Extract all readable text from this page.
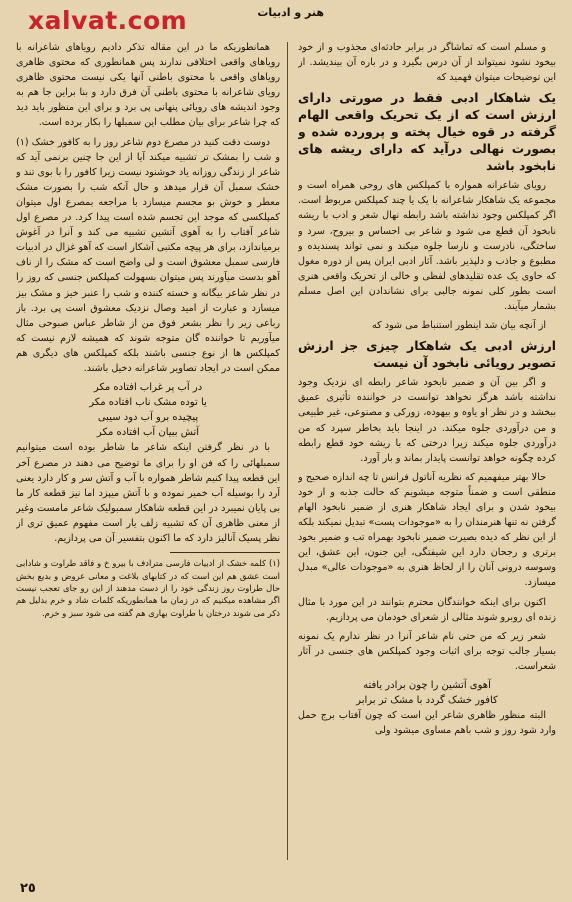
xalvat.com	هنر و ادبیات

و مسلم است که تماشاگر در برابر حادثه‌ای مجذوب و از خود بیخود نشود نمیتواند از آن درس بگیرد و در باره آن بیندیشد. از این توضیحات میتوان فهمید که

یک شاهکار ادبی فقط در صورتی دارای ارزش است که از یک تحریک واقعی الهام گرفته در قوه خیال پخته و پرورده شده و بصورت نهالی درآید که دارای ریشه های نابخود باشد

رویای شاعرانه همواره با کمپلکس های روحی همراه است و مجموعه یک شاهکار شاعرانه با یک یا چند کمپلکس مربوط است. اگر کمپلکس وجود نداشته باشد رابطه نهال شعر و ادب با ریشه نابخود آن قطع می شود و شاعر بی احساس و بیروح، سرد و ساختگی، نادرست و نارسا جلوه میکند و نمی تواند پسندیده و مطبوع و جاذب و دلپذیر باشد. آثار ادبی ایران پس از دوره مغول که حاوی یک عده تقلیدهای لفظی و خالی از تحریک واقعی هنری است بطور کلی نمونه جالبی برای نشاندادن این اصل مسلم بشمار میآیند.

از آنچه بیان شد اینطور استنباط می شود که

ارزش ادبی یک شاهکار چیزی جز ارزش تصویر رویائی نابخود آن نیست

و اگر بین آن و ضمیر نابخود شاعر رابطه ای نزدیک وجود نداشته باشد هرگز نخواهد توانست در خواننده تأثیری عمیق ببخشد و در نظر او یاوه و بیهوده، زورکی و مصنوعی، غیر طبیعی و من درآوردی جلوه میکند. در اینجا باید بخاطر سپرد که من درآوردی جلوه میکند زیرا درختی که با ریشه خود قطع رابطه کرده چگونه خواهد توانست پایدار بماند و بار آورد.

حالا بهتر میفهمیم که نظریه آناتول فرانس تا چه اندازه صحیح و منطقی است و ضمناً متوجه میشویم که حالت جذبه و از خود بیخود شدن و برای ایجاد شاهکار هنری از ضمیر نابخود الهام گرفتن نه تنها هنرمندان را به «موجودات پست» تبدیل نمیکند بلکه از این نظر که دیده بصیرت ضمیر نابخود بهمراه تب و ضمیر بخود برتری و رجحان دارد این شیفتگی، این جنون، این عشق، این وسوسه درونی آنان را از لحاظ هنری به «موجودات عالی» مبدل میسازد.

اکنون برای اینکه خوانندگان محترم بتوانند در این مورد با مثال زنده ای روبرو شوند مثالی از شعرای خودمان می پردازیم.

شعر زیر که من حتی نام شاعر آنرا در نظر ندارم یک نمونه بسیار جالب توجه برای اثبات وجود کمپلکس های جنسی در آثار شعراست.

آهوی آتشین را چون برادر یافته

کافور خشک گردد با مشک تر برابر

البته منظور ظاهری شاعر این است که چون آفتاب برج حمل وارد شود روز و شب باهم مساوی میشود ولی

همانطوریکه ما در این مقاله تذکر دادیم رویاهای شاعرانه با رویاهای واقعی اختلافی ندارند پس همانطوری که محتوی ظاهری رویاهای واقعی با محتوی باطنی آنها یکی نیست محتوی ظاهری رویای شاعرانه با محتوی باطنی آن فرق دارد و بنا براین جا هم به وجود اندیشه های رویائی پنهانی پی برد و برای این منظور باید دید که چرا شاعر برای بیان مطلب این سمبلها را بکار برده است.

دوست دقت کنید در مصرع دوم شاعر روز را به کافور خشک (١) و شب را بمشک تر تشبیه میکند آیا از این جا چنین برنمی آید که شاعر از زندگی روزانه یاد خوشنود نیست زیرا کافور را با بوی تند و خشک سمبل آن قرار میدهد و حال آنکه شب را بصورت مشک معطر و خوش بو مجسم میسازد با مراجعه بمصرع اول میتوان کمپلکسی که موجد این تجسم شده است پیدا کرد. در مصرع اول شاعر آفتاب را به آهوی آتشین تشبیه می کند و آنرا در آغوش برمیاندازد، برای هر پیچه مکتبی آشکار است که آهو غزال در ادبیات فارسی سمبل معشوق است و لی واضح است که مشک را از ناف آهو بدست میآورند پس میتوان بسهولت کمپلکس جنسی که روز را در نظر شاعر بیگانه و خسته کننده و شب را عنبر خیز و مشک بیز میسازد و عبارت از امید وصال نزدیک معشوق است پی برد. باز رباعی زیر را نظر بشعر فوق من از شاطر عباس صبوحی مثال میآوریم تا خواننده گان متوجه شوند که همیشه لازم نیست که کمپلکس ها از نوع جنسی باشند بلکه کمپلکس های دیگری هم ممکن است در ایجاد تصاویر شاعرانه دخیل باشند.

در آب پر غراب افتاده مکر

یا توده مشک ناب افتاده مکر

پیچیده برو آب دود سیبی

آتش ببیان آب افتاده مکر

با در نظر گرفتن اینکه شاعر ما شاطر بوده است میتوانیم سمبلهائی را که فن او را برای ما توضیح می دهند در مصرع آخر این قطعه پیدا کنیم شاطر همواره با آب و آتش سر و کار دارد یعنی آرد را بوسیله آب خمیر نموده و با آتش میپزد اما نیز قطعه کار ما بی پایان نمیبرد در این قطعه شاهکار سمبولیک شاعر مامست وغیر از معنی ظاهری آن که تشبیه زلف یار است مفهوم عمیق تری از نظر پسیک آنالیز دارد که ما اکنون بتفسیر آن می پردازیم.

(١) کلمه خشک از ادبیات فارسی مترادف با بیرو خ و فاقد طراوت و شادابی است عشق هم این است که در کتابهای بلاغت و معانی عروض و بدیع بخش حال طراوت روز زندگی خود را از دست مدهند از این رو جای تعجب نیست اگر مشاهده میکنیم که در زمان ما همانطوریکه کلمات شاد و خرم بدلیل هم ذکر می شوند درختان با طراوت بهاری هم گفته می شود سبز و خرم.

٢٥
